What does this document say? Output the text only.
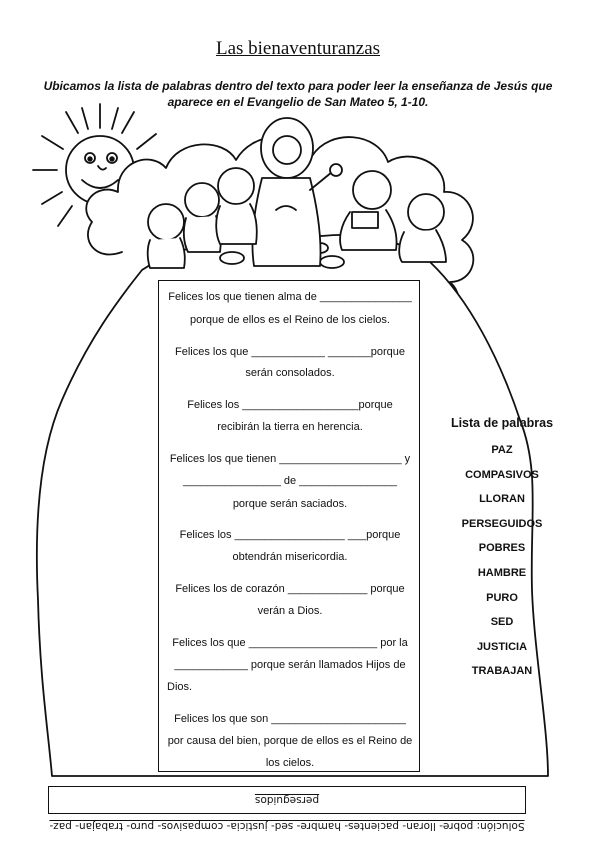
Las bienaventuranzas
Ubicamos la lista de palabras dentro del texto para poder leer la enseñanza de Jesús que
aparece en el Evangelio de San Mateo 5, 1-10.
Felices los que tienen alma de _______________
porque de ellos es el Reino de los cielos.
Felices los que ____________ _______porque
serán consolados.
Felices los ___________________porque
recibirán la tierra en herencia.
Felices los que tienen ____________________ y
________________ de ________________
porque serán saciados.
Felices los __________________ ___porque
obtendrán misericordia.
Felices los de corazón _____________ porque
verán a Dios.
Felices los que _____________________ por la
____________ porque serán llamados Hijos de
Dios.
Felices los que son ______________________
por causa del bien, porque de ellos es el Reino de
los cielos.
Lista de palabras
PAZ
COMPASIVOS
LLORAN
PERSEGUIDOS
POBRES
HAMBRE
PURO
SED
JUSTICIA
TRABAJAN
Solución: pobre- lloran- pacientes- hambre- sed- justicia- compasivos- puro- trabajan- paz- perseguidos
